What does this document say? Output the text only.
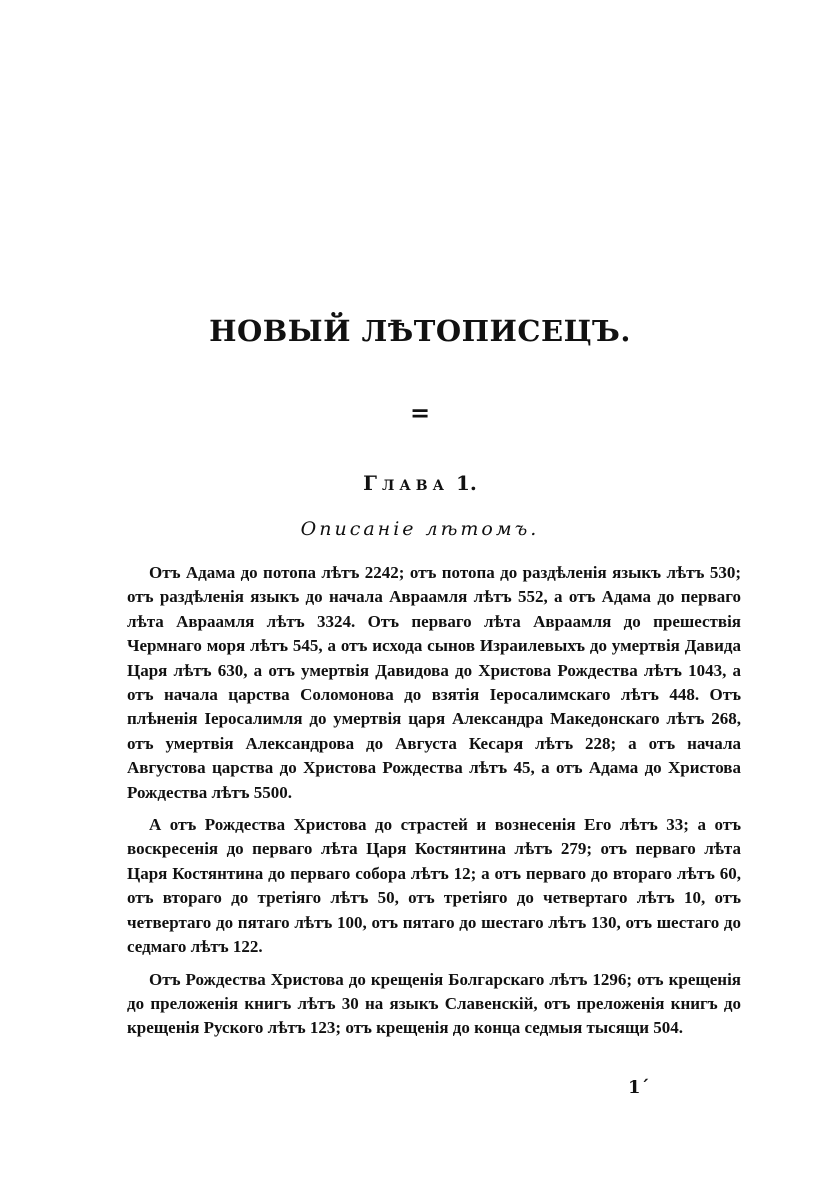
НОВЫЙ ЛѢТОПИСЕЦЪ.
=
Глава 1.
Описаніе лѣтомъ.

Отъ Адама до потопа лѣтъ 2242; отъ потопа до раздѣленія языкъ лѣтъ 530; отъ раздѣленія языкъ до начала Авраамля лѣтъ 552, а отъ Адама до перваго лѣта Авраамля лѣтъ 3324. Отъ перваго лѣта Авраамля до прешествія Чермнаго моря лѣтъ 545, а отъ исхода сынов Израилевыхъ до умертвія Давида Царя лѣтъ 630, а отъ умертвія Давидова до Христова Рождества лѣтъ 1043, а отъ начала царства Соломонова до взятія Іеросалимскаго лѣтъ 448. Отъ плѣненія Іеросалимля до умертвія царя Александра Македонскаго лѣтъ 268, отъ умертвія Александрова до Августа Кесаря лѣтъ 228; а отъ начала Августова царства до Христова Рождества лѣтъ 45, а отъ Адама до Христова Рождества лѣтъ 5500.

А отъ Рождества Христова до страстей и вознесенія Его лѣтъ 33; а отъ воскресенія до перваго лѣта Царя Костянтина лѣтъ 279; отъ перваго лѣта Царя Костянтина до перваго собора лѣтъ 12; а отъ перваго до втораго лѣтъ 60, отъ втораго до третіяго лѣтъ 50, отъ третіяго до четвертаго лѣтъ 10, отъ четвертаго до пятаго лѣтъ 100, отъ пятаго до шестаго лѣтъ 130, отъ шестаго до седмаго лѣтъ 122.

Отъ Рождества Христова до крещенія Болгарскаго лѣтъ 1296; отъ крещенія до преложенія книгъ лѣтъ 30 на языкъ Славенскій, отъ преложенія книгъ до крещенія Руского лѣтъ 123; отъ крещенія до конца седмыя тысящи 504.

1´
